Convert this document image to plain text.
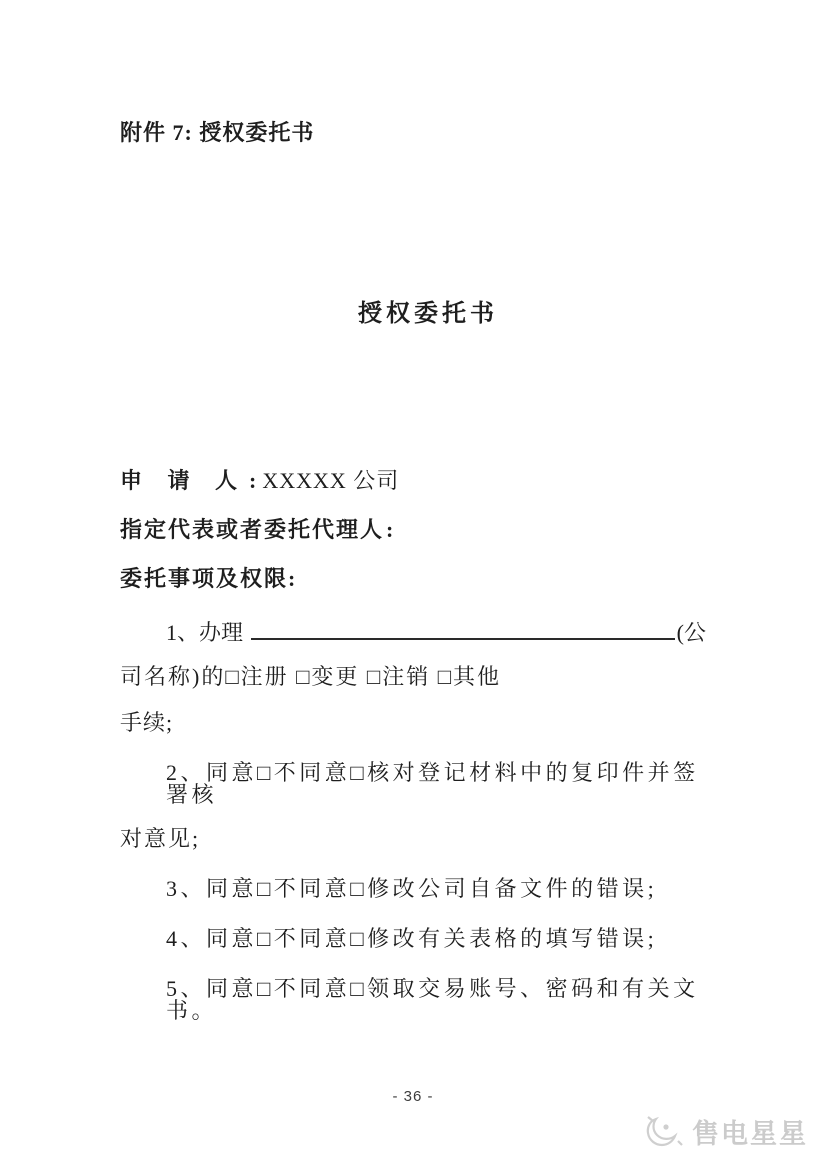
附件 7: 授权委托书
授权委托书
申 请 人: XXXXX 公司
指定代表或者委托代理人:
委托事项及权限:
1、办理	(公
司名称)的□注册 □变更 □注销 □其他
手续;
2、同意□不同意□核对登记材料中的复印件并签署核
对意见;
3、同意□不同意□修改公司自备文件的错误;
4、同意□不同意□修改有关表格的填写错误;
5、同意□不同意□领取交易账号、密码和有关文书。
- 36 -
售电星星
